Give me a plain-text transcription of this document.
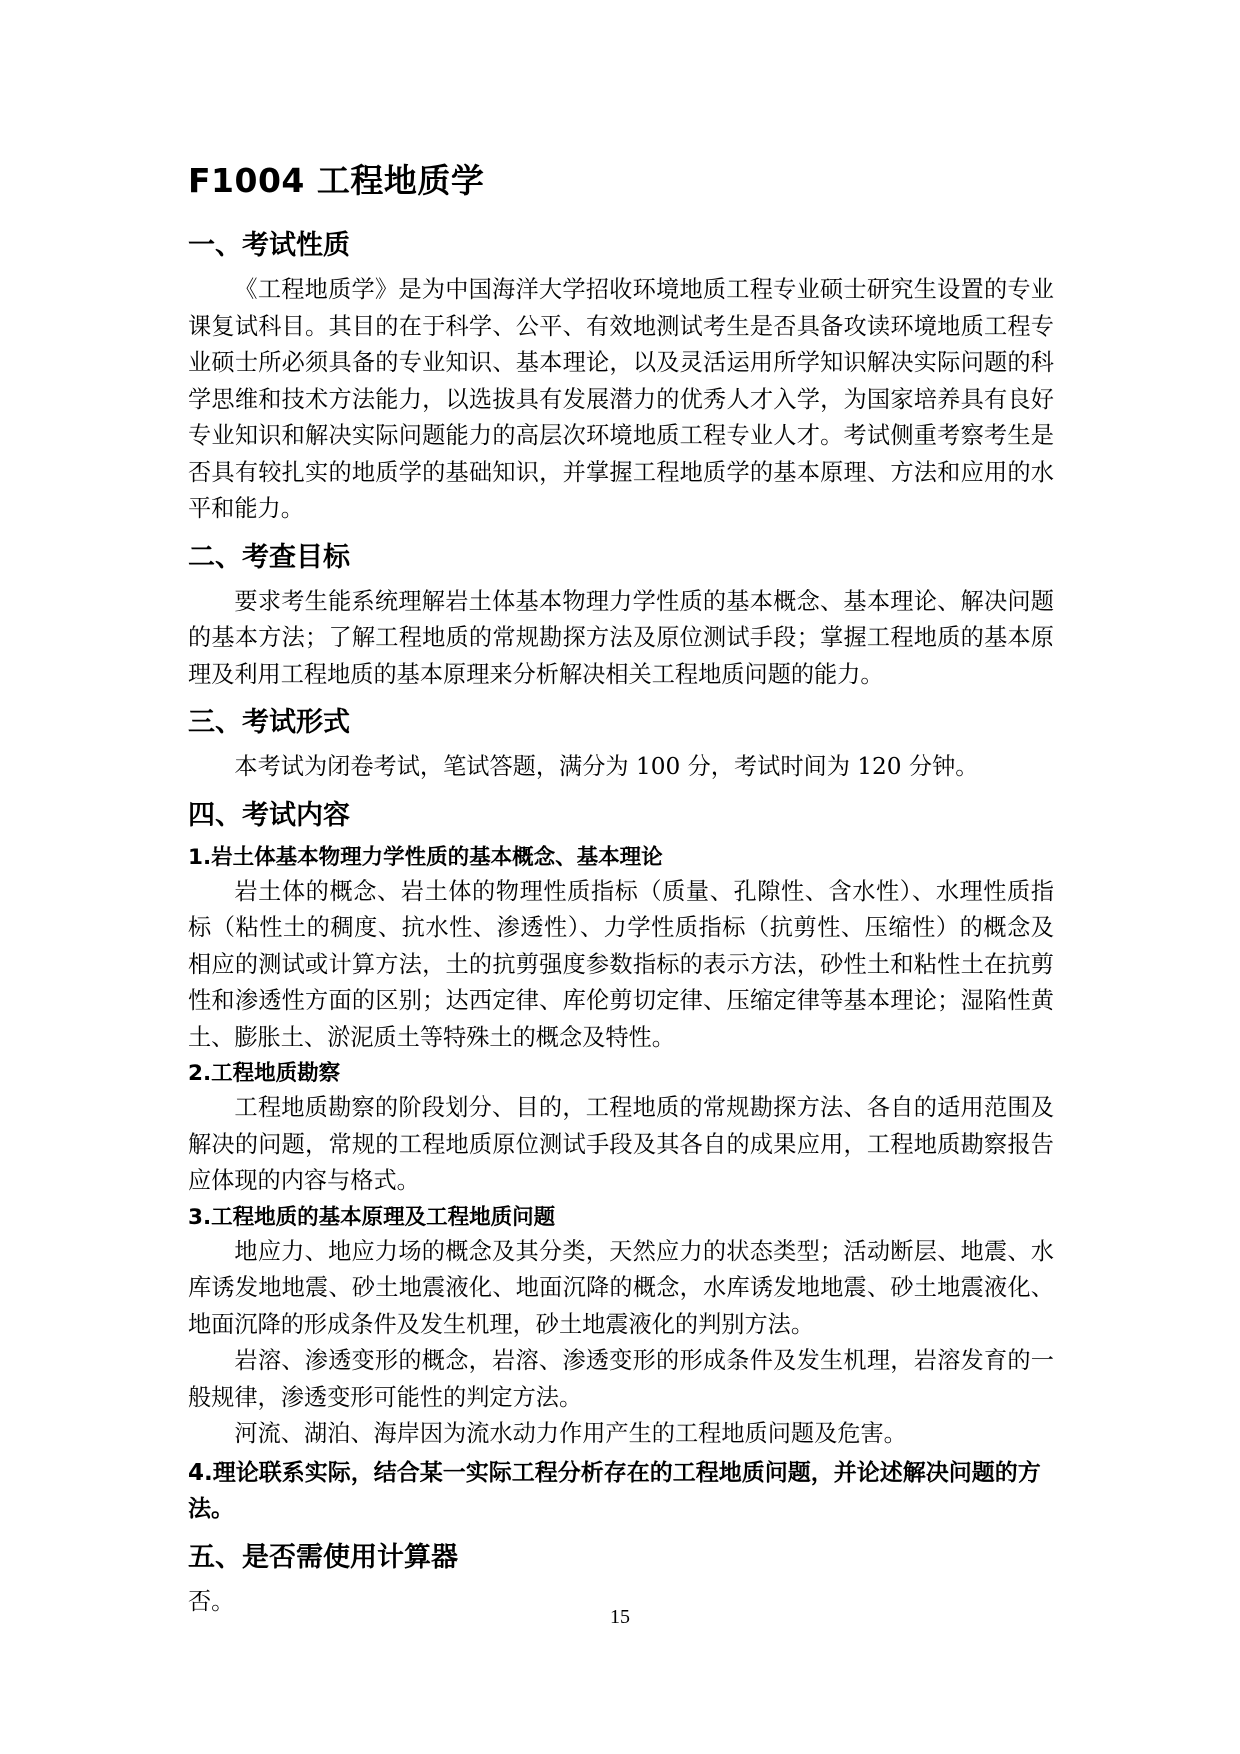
F1004 工程地质学
一、考试性质

《工程地质学》是为中国海洋大学招收环境地质工程专业硕士研究生设置的专业课复试科目。其目的在于科学、公平、有效地测试考生是否具备攻读环境地质工程专业硕士所必须具备的专业知识、基本理论，以及灵活运用所学知识解决实际问题的科学思维和技术方法能力，以选拔具有发展潜力的优秀人才入学，为国家培养具有良好专业知识和解决实际问题能力的高层次环境地质工程专业人才。考试侧重考察考生是否具有较扎实的地质学的基础知识，并掌握工程地质学的基本原理、方法和应用的水平和能力。

二、考查目标

要求考生能系统理解岩土体基本物理力学性质的基本概念、基本理论、解决问题的基本方法；了解工程地质的常规勘探方法及原位测试手段；掌握工程地质的基本原理及利用工程地质的基本原理来分析解决相关工程地质问题的能力。

三、考试形式

本考试为闭卷考试，笔试答题，满分为 100 分，考试时间为 120 分钟。

四、考试内容
1.岩土体基本物理力学性质的基本概念、基本理论

岩土体的概念、岩土体的物理性质指标（质量、孔隙性、含水性）、水理性质指标（粘性土的稠度、抗水性、渗透性）、力学性质指标（抗剪性、压缩性）的概念及相应的测试或计算方法，土的抗剪强度参数指标的表示方法，砂性土和粘性土在抗剪性和渗透性方面的区别；达西定律、库伦剪切定律、压缩定律等基本理论；湿陷性黄土、膨胀土、淤泥质土等特殊土的概念及特性。

2.工程地质勘察

工程地质勘察的阶段划分、目的，工程地质的常规勘探方法、各自的适用范围及解决的问题，常规的工程地质原位测试手段及其各自的成果应用，工程地质勘察报告应体现的内容与格式。

3.工程地质的基本原理及工程地质问题

地应力、地应力场的概念及其分类，天然应力的状态类型；活动断层、地震、水库诱发地地震、砂土地震液化、地面沉降的概念，水库诱发地地震、砂土地震液化、地面沉降的形成条件及发生机理，砂土地震液化的判别方法。

岩溶、渗透变形的概念，岩溶、渗透变形的形成条件及发生机理，岩溶发育的一般规律，渗透变形可能性的判定方法。

河流、湖泊、海岸因为流水动力作用产生的工程地质问题及危害。

4.理论联系实际，结合某一实际工程分析存在的工程地质问题，并论述解决问题的方法。
五、是否需使用计算器

否。

15
